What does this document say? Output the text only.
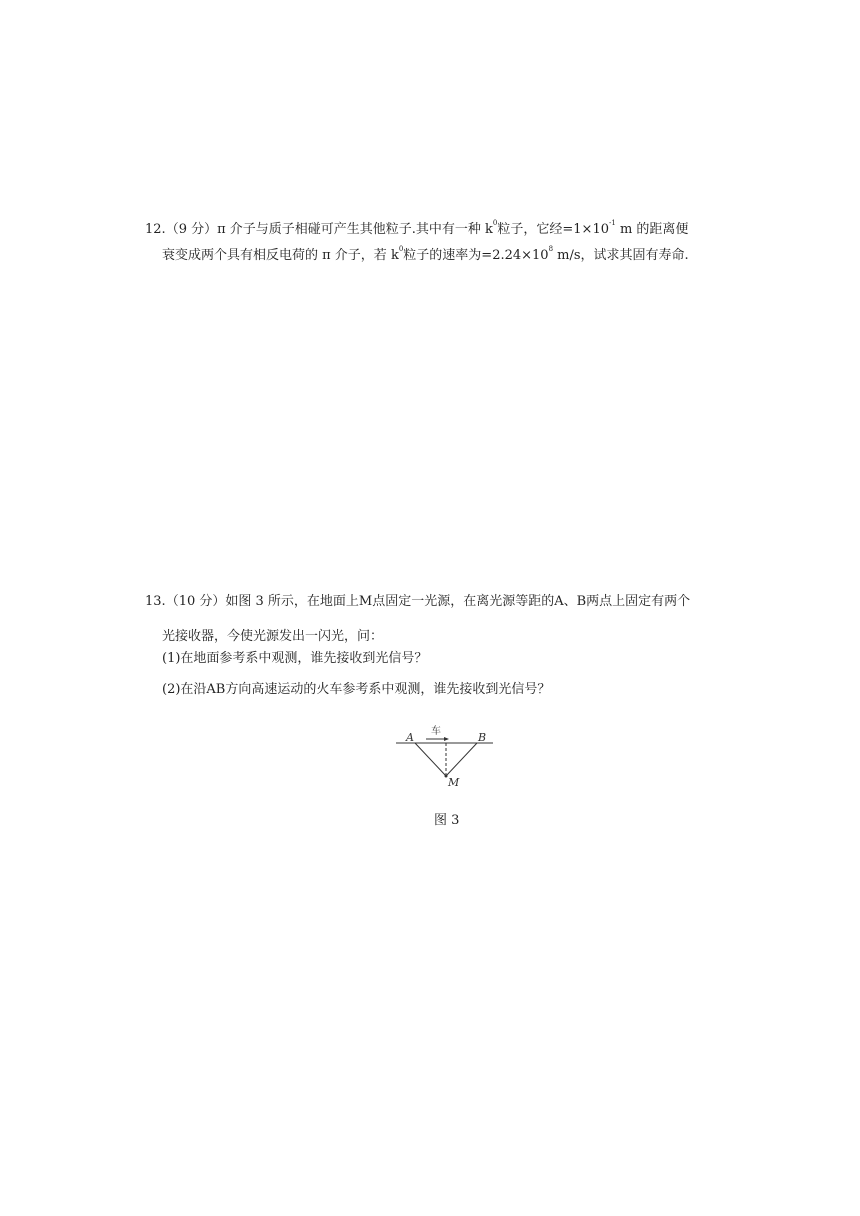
12.（9 分）π 介子与质子相碰可产生其他粒子.其中有一种 $k^0$粒子，它经$=1\times 10^{-1}$ m 的距离便
衰变成两个具有相反电荷的 π 介子，若 $k^0$粒子的速率为$=2.24\times 10^8$ m/s，试求其固有寿命.
13.（10 分）如图 3 所示，在地面上M点固定一光源，在离光源等距的A、B两点上固定有两个
光接收器，今使光源发出一闪光，问：
(1)在地面参考系中观测，谁先接收到光信号？
(2)在沿AB方向高速运动的火车参考系中观测，谁先接收到光信号？
A	B
M
车
图 3
